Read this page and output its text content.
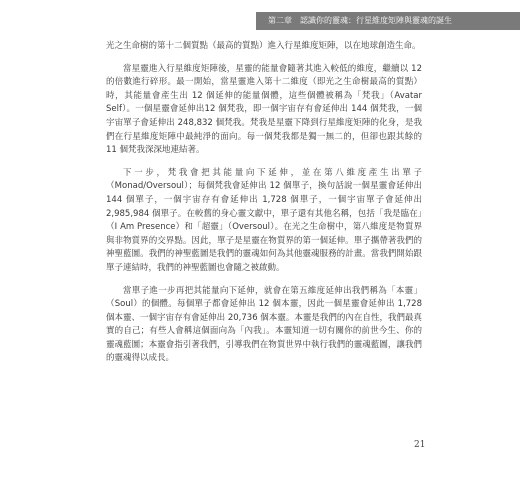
第二章　認識你的靈魂：行星維度矩陣與靈魂的誕生

光之生命樹的第十二個質點（最高的質點）進入行星維度矩陣，以在地球創造生命。

當星靈進入行星維度矩陣後，星靈的能量會隨著其進入較低的維度，繼續以 12 的倍數進行碎形。最一開始，當星靈進入第十二維度（即光之生命樹最高的質點）時，其能量會產生出 12 個延伸的能量個體，這些個體被稱為「梵我」（Avatar Self）。一個星靈會延伸出12 個梵我，即一個宇宙存有會延伸出 144 個梵我，一個宇宙單子會延伸出 248,832 個梵我。梵我是星靈下降到行星維度矩陣的化身，是我們在行星維度矩陣中最純淨的面向。每一個梵我都是獨一無二的，但卻也跟其餘的 11 個梵我深深地連結著。

下一步，梵我會把其能量向下延伸，並在第八維度產生出單子（Monad/Oversoul）；每個梵我會延伸出 12 個單子，換句話說一個星靈會延伸出 144 個單子，一個宇宙存有會延伸出 1,728 個單子，一個宇宙單子會延伸出 2,985,984 個單子。在較舊的身心靈文獻中，單子還有其他名稱，包括「我是臨在」（I Am Presence）和「超靈」（Oversoul）。在光之生命樹中，第八維度是物質界與非物質界的交界點。因此，單子是星靈在物質界的第一個延伸。單子攜帶著我們的神聖藍圖。我們的神聖藍圖是我們的靈魂如何為其他靈魂服務的計畫。當我們開始跟單子連結時，我們的神聖藍圖也會隨之被啟動。

當單子進一步再把其能量向下延伸，就會在第五維度延伸出我們稱為「本靈」（Soul）的個體。每個單子都會延伸出 12 個本靈，因此一個星靈會延伸出 1,728 個本靈、一個宇宙存有會延伸出 20,736 個本靈。本靈是我們的內在自性，我們最真實的自己；有些人會稱這個面向為「內我」。本靈知道一切有關你的前世今生、你的靈魂藍圖；本靈會指引著我們，引導我們在物質世界中執行我們的靈魂藍圖，讓我們的靈魂得以成長。

21
